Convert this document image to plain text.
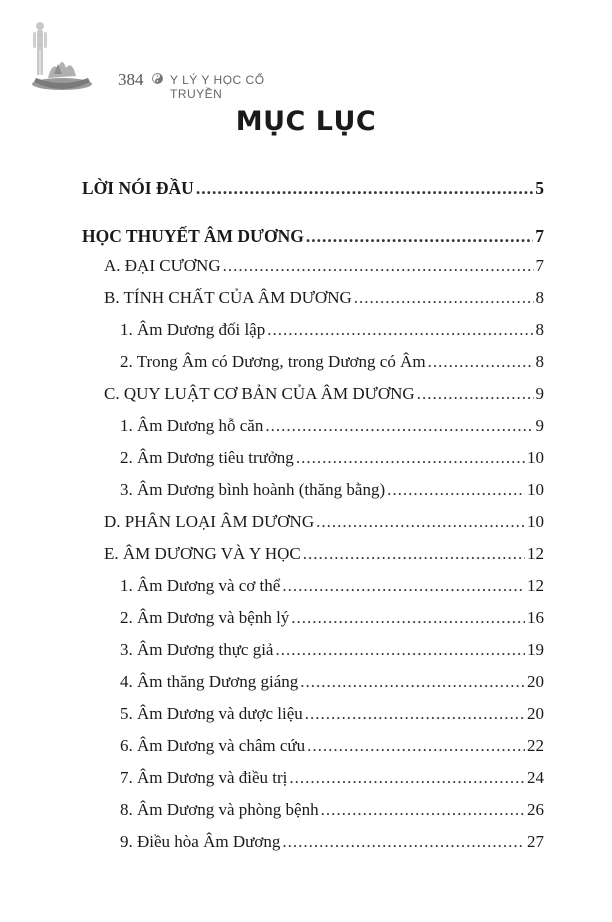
384 Y LÝ Y HỌC CỔ TRUYỀN
MỤC LỤC
LỜI NÓI ĐẦU .....	5
HỌC THUYẾT ÂM DƯƠNG .....	7
A. ĐẠI CƯƠNG .....	7
B. TÍNH CHẤT CỦA ÂM DƯƠNG .....	8
1. Âm Dương đối lập .....	8
2. Trong Âm có Dương, trong Dương có Âm .....	8
C. QUY LUẬT CƠ BẢN CỦA ÂM DƯƠNG .....	9
1. Âm Dương hỗ căn .....	9
2. Âm Dương tiêu trưởng .....	10
3. Âm Dương bình hoành (thăng bằng) .....	10
D. PHÂN LOẠI ÂM DƯƠNG .....	10
E. ÂM DƯƠNG VÀ Y HỌC .....	12
1. Âm Dương và cơ thể .....	12
2. Âm Dương và bệnh lý .....	16
3. Âm Dương thực giả .....	19
4. Âm thăng Dương giáng .....	20
5. Âm Dương và dược liệu .....	20
6. Âm Dương và châm cứu .....	22
7. Âm Dương và điều trị .....	24
8. Âm Dương và phòng bệnh .....	26
9. Điều hòa Âm Dương .....	27
